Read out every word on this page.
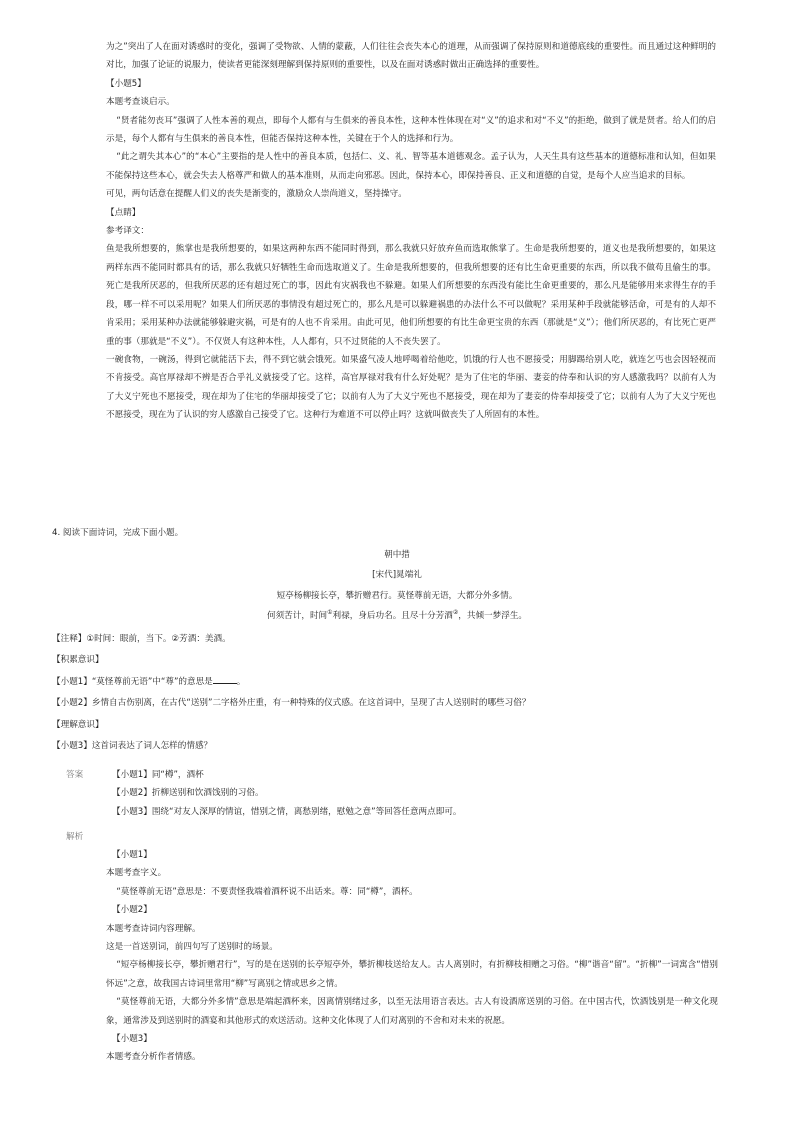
为之”突出了人在面对诱惑时的变化，强调了受物欲、人情的蒙蔽，人们往往会丧失本心的道理，从而强调了保持原则和道德底线的重要性。而且通过这种鲜明的对比，加强了论证的说服力，使读者更能深刻理解到保持原则的重要性，以及在面对诱惑时做出正确选择的重要性。

【小题5】

本题考查谈启示。

“贤者能勿丧耳”强调了人性本善的观点，即每个人都有与生俱来的善良本性，这种本性体现在对“义”的追求和对“不义”的拒绝，做到了就是贤者。给人们的启示是，每个人都有与生俱来的善良本性，但能否保持这种本性，关键在于个人的选择和行为。

“此之谓失其本心”的“本心”主要指的是人性中的善良本质，包括仁、义、礼、智等基本道德观念。孟子认为，人天生具有这些基本的道德标准和认知，但如果不能保持这些本心，就会失去人格尊严和做人的基本准则，从而走向邪恶。因此，保持本心，即保持善良、正义和道德的自觉，是每个人应当追求的目标。

可见，两句话意在提醒人们义的丧失是渐变的，激励众人崇尚道义，坚持操守。

【点睛】

参考译文：

鱼是我所想要的，熊掌也是我所想要的，如果这两种东西不能同时得到，那么我就只好放弃鱼而选取熊掌了。生命是我所想要的，道义也是我所想要的，如果这两样东西不能同时都具有的话，那么我就只好牺牲生命而选取道义了。生命是我所想要的，但我所想要的还有比生命更重要的东西，所以我不做苟且偷生的事。死亡是我所厌恶的，但我所厌恶的还有超过死亡的事，因此有灾祸我也不躲避。如果人们所想要的东西没有能比生命更重要的，那么凡是能够用来求得生存的手段，哪一样不可以采用呢？如果人们所厌恶的事情没有超过死亡的，那么凡是可以躲避祸患的办法什么不可以做呢？采用某种手段就能够活命，可是有的人却不肯采用；采用某种办法就能够躲避灾祸，可是有的人也不肯采用。由此可见，他们所想要的有比生命更宝贵的东西（那就是“义”）；他们所厌恶的，有比死亡更严重的事（那就是“不义”）。不仅贤人有这种本性，人人都有，只不过贤能的人不丧失罢了。

一碗食物，一碗汤，得到它就能活下去，得不到它就会饿死。如果盛气凌人地呼喝着给他吃，饥饿的行人也不愿接受；用脚踢给别人吃，就连乞丐也会因轻视而不肯接受。高官厚禄却不辨是否合乎礼义就接受了它。这样，高官厚禄对我有什么好处呢？是为了住宅的华丽、妻妾的侍奉和认识的穷人感激我吗？以前有人为了大义宁死也不愿接受，现在却为了住宅的华丽却接受了它；以前有人为了大义宁死也不愿接受，现在却为了妻妾的侍奉却接受了它；以前有人为了大义宁死也不愿接受，现在为了认识的穷人感激自己接受了它。这种行为难道不可以停止吗？这就叫做丧失了人所固有的本性。

4. 阅读下面诗词，完成下面小题。

朝中措

[宋代]晁端礼

短亭杨柳接长亭，攀折赠君行。莫怪尊前无语，大都分外多情。

何须苦计，时间①利禄，身后功名。且尽十分芳酒②，共倾一梦浮生。

【注释】①时间：眼前，当下。②芳酒：美酒。

【积累意识】

【小题1】“莫怪尊前无语”中“尊”的意思是	。

【小题2】乡情自古伤别离，在古代“送别”二字格外庄重，有一种特殊的仪式感。在这首词中，呈现了古人送别时的哪些习俗？

【理解意识】

【小题3】这首词表达了词人怎样的情感？

答案	【小题1】同“樽”，酒杯

【小题2】折柳送别和饮酒饯别的习俗。

【小题3】围绕“对友人深厚的情谊，惜别之情，离愁别绪，慰勉之意”等回答任意两点即可。

解析

【小题1】

本题考查字义。

“莫怪尊前无语”意思是：不要责怪我端着酒杯说不出话来。尊：同“樽”，酒杯。

【小题2】

本题考查诗词内容理解。

这是一首送别词，前四句写了送别时的场景。

“短亭杨柳接长亭，攀折赠君行”，写的是在送别的长亭短亭外，攀折柳枝送给友人。古人离别时，有折柳枝相赠之习俗。“柳”谐音“留”。“折柳”一词寓含“惜别怀远”之意，故我国古诗词里常用“柳”写离别之情或思乡之情。

“莫怪尊前无语，大都分外多情”意思是端起酒杯来，因离情别绪过多，以至无法用语言表达。古人有设酒席送别的习俗。在中国古代，饮酒饯别是一种文化现象，通常涉及到送别时的酒宴和其他形式的欢送活动。这种文化体现了人们对离别的不舍和对未来的祝愿。

【小题3】

本题考查分析作者情感。
